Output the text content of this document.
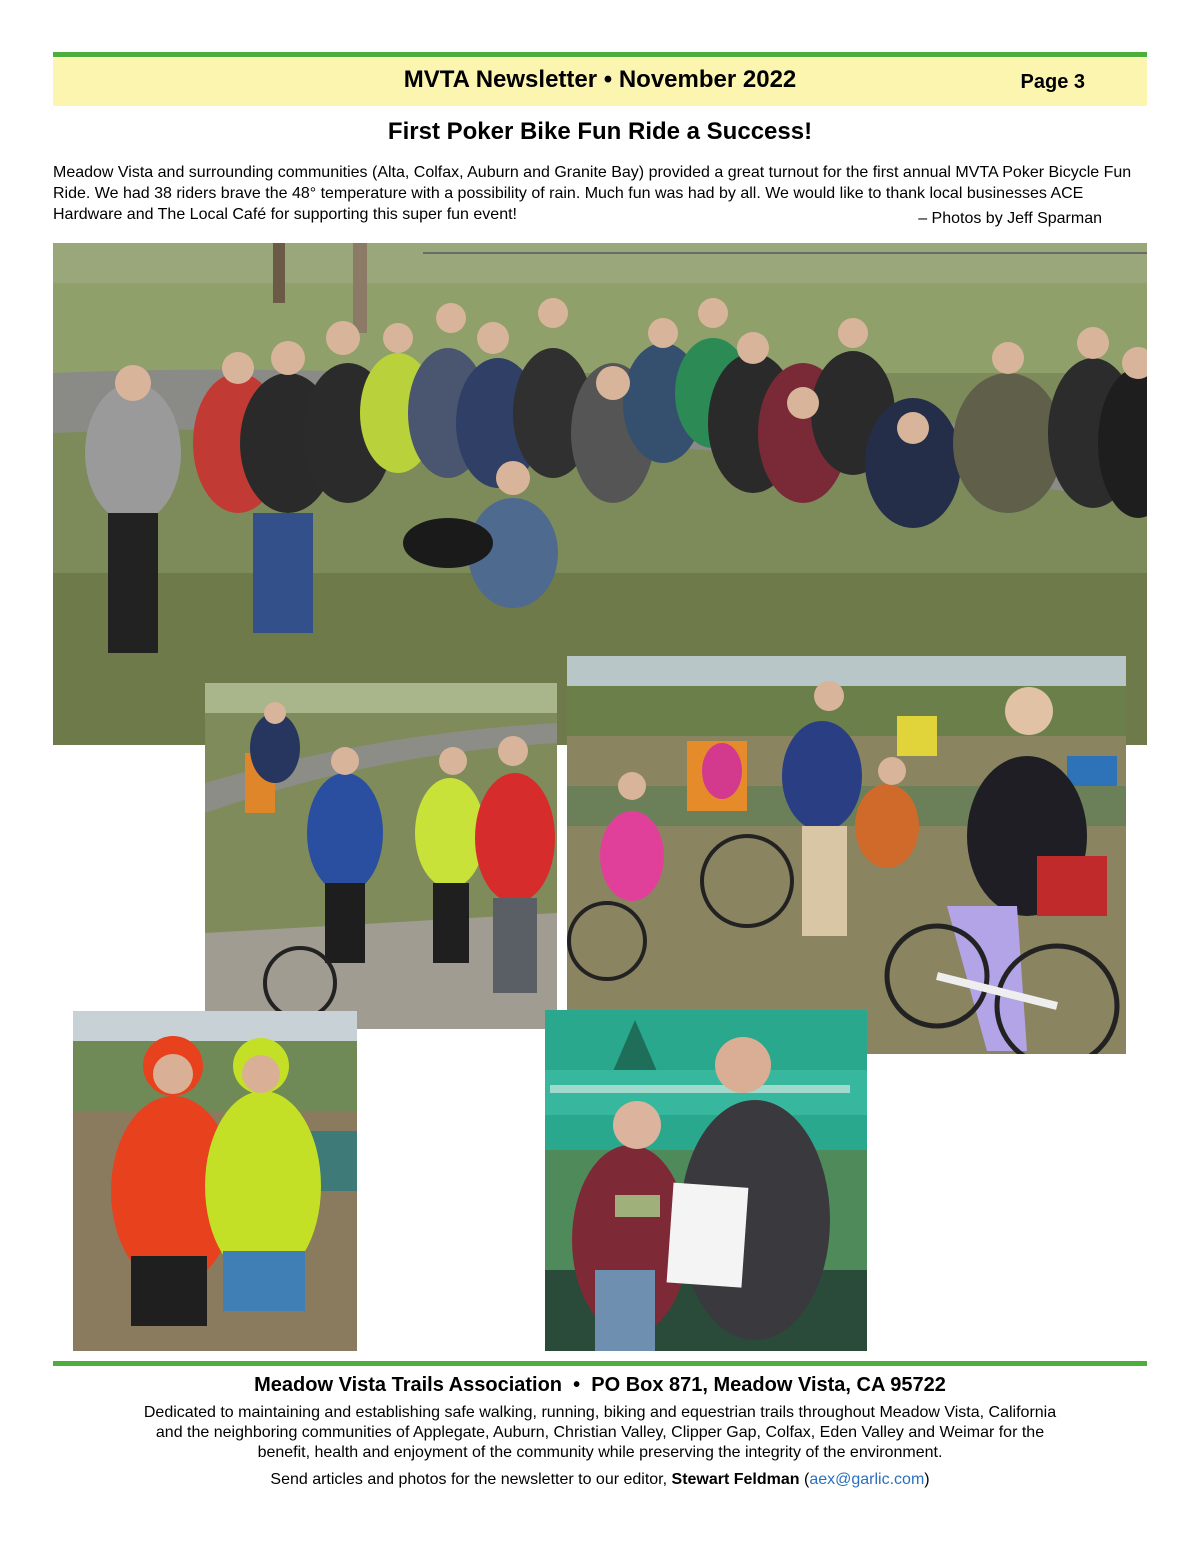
MVTA Newsletter • November 2022	Page 3
First Poker Bike Fun Ride a Success!
Meadow Vista and surrounding communities (Alta, Colfax, Auburn and Granite Bay) provided a great turnout for the first annual MVTA Poker Bicycle Fun Ride. We had 38 riders brave the 48° temperature with a possibility of rain. Much fun was had by all. We would like to thank local businesses ACE Hardware and The Local Café for supporting this super fun event!	– Photos by Jeff Sparman
Meadow Vista Trails Association  •  PO Box 871, Meadow Vista, CA 95722
Dedicated to maintaining and establishing safe walking, running, biking and equestrian trails throughout Meadow Vista, California and the neighboring communities of Applegate, Auburn, Christian Valley, Clipper Gap, Colfax, Eden Valley and Weimar for the benefit, health and enjoyment of the community while preserving the integrity of the environment.
Send articles and photos for the newsletter to our editor, Stewart Feldman (aex@garlic.com)
